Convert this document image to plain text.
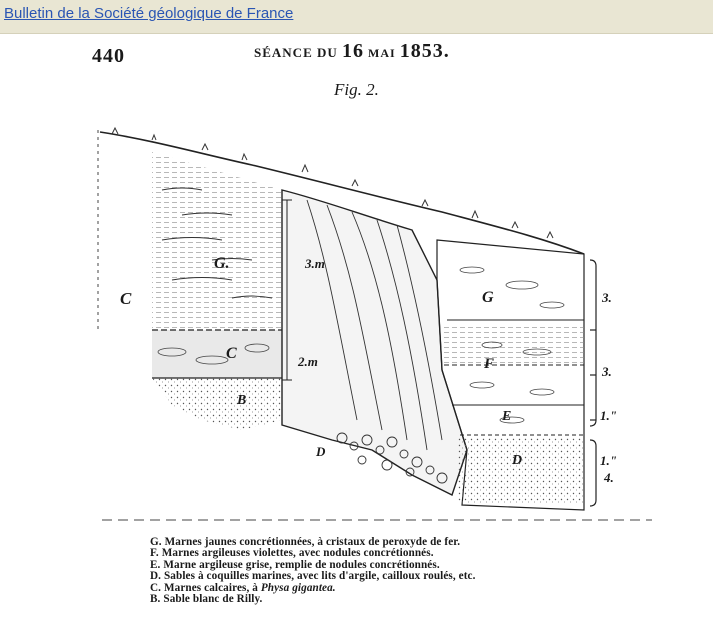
Bulletin de la Société géologique de France
440	SÉANCE DU 16 MAI 1853.
Fig. 2.
G.
C
C
B
3.m
2.m
D
G
F
E
D
3.
3.
1."
1."
4.
G. Marnes jaunes concrétionnées, à cristaux de peroxyde de fer.
F. Marnes argileuses violettes, avec nodules concrétionnés.
E. Marne argileuse grise, remplie de nodules concrétionnés.
D. Sables à coquilles marines, avec lits d'argile, cailloux roulés, etc.
C. Marnes calcaires, à Physa gigantea.
B. Sable blanc de Rilly.
